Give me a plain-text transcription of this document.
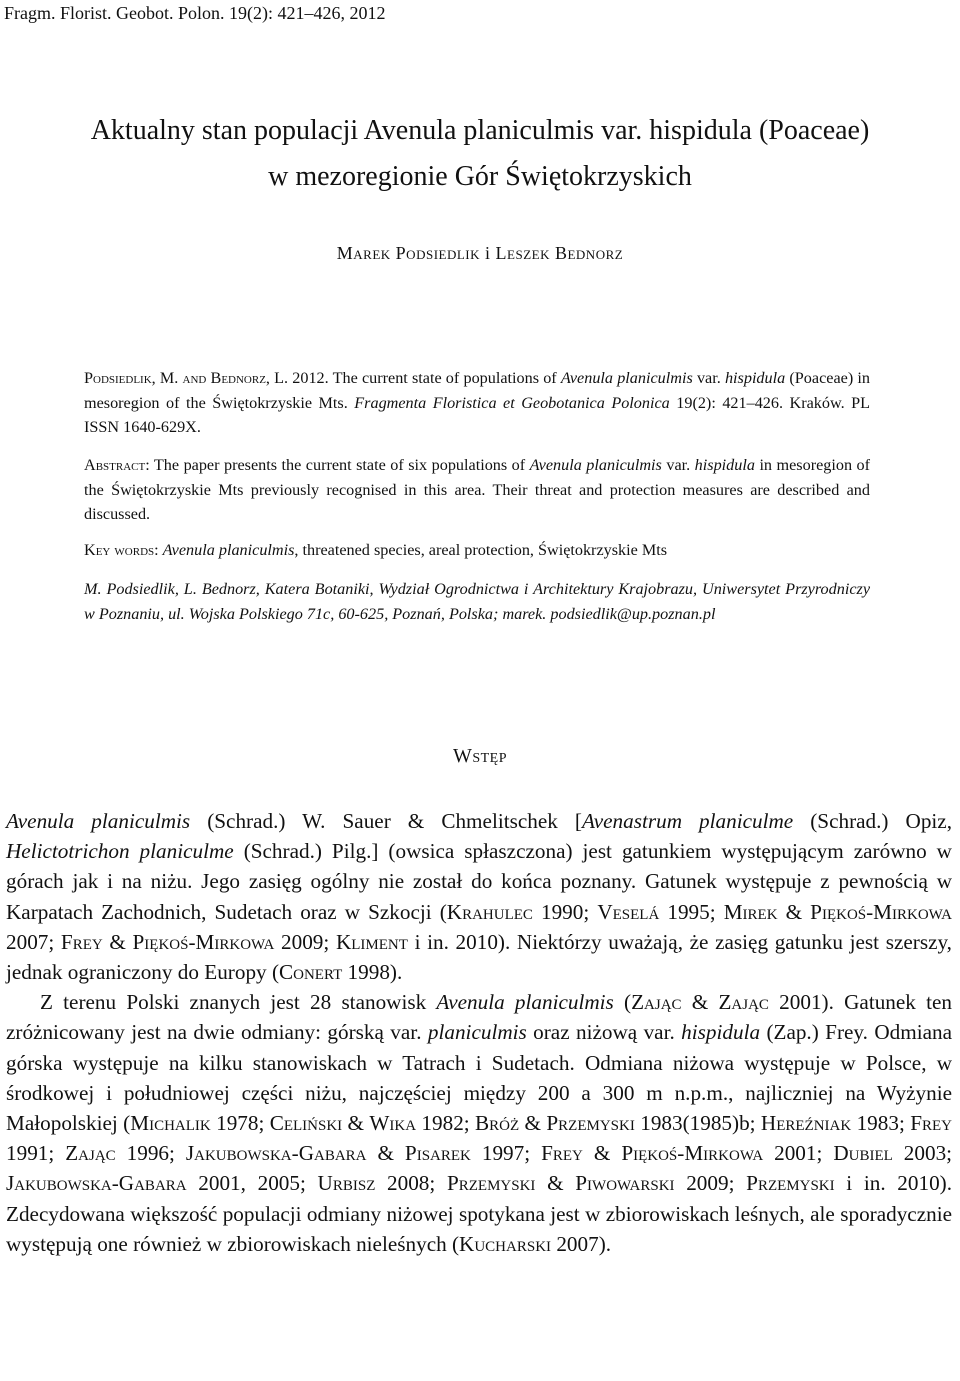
Fragm. Florist. Geobot. Polon. 19(2): 421–426, 2012
Aktualny stan populacji Avenula planiculmis var. hispidula (Poaceae)
w mezoregionie Gór Świętokrzyskich
Marek Podsiedlik i Leszek Bednorz

Podsiedlik, M. and Bednorz, L. 2012. The current state of populations of Avenula planiculmis var. hispidula (Poaceae) in mesoregion of the Świętokrzyskie Mts. Fragmenta Floristica et Geobotanica Polonica 19(2): 421–426. Kraków. PL ISSN 1640-629X.

Abstract: The paper presents the current state of six populations of Avenula planiculmis var. hispidula in mesoregion of the Świętokrzyskie Mts previously recognised in this area. Their threat and protection measures are described and discussed.

Key words: Avenula planiculmis, threatened species, areal protection, Świętokrzyskie Mts

M. Podsiedlik, L. Bednorz, Katera Botaniki, Wydział Ogrodnictwa i Architektury Krajobrazu, Uniwersytet Przyrodniczy w Poznaniu, ul. Wojska Polskiego 71c, 60-625, Poznań, Polska; marek. podsiedlik@up.poznan.pl

Wstęp

Avenula planiculmis (Schrad.) W. Sauer & Chmelitschek [Avenastrum planiculme (Schrad.) Opiz, Helictotrichon planiculme (Schrad.) Pilg.] (owsica spłaszczona) jest gatunkiem występującym zarówno w górach jak i na niżu. Jego zasięg ogólny nie został do końca poznany. Gatunek występuje z pewnością w Karpatach Zachodnich, Sudetach oraz w Szkocji (Krahulec 1990; Veselá 1995; Mirek & Piękoś-Mirkowa 2007; Frey & Piękoś-Mirkowa 2009; Kliment i in. 2010). Niektórzy uważają, że zasięg gatunku jest szerszy, jednak ograniczony do Europy (Conert 1998).

Z terenu Polski znanych jest 28 stanowisk Avenula planiculmis (Zając & Zając 2001). Gatunek ten zróżnicowany jest na dwie odmiany: górską var. planiculmis oraz niżową var. hispidula (Zap.) Frey. Odmiana górska występuje na kilku stanowiskach w Tatrach i Sudetach. Odmiana niżowa występuje w Polsce, w środkowej i południowej części niżu, najczęściej między 200 a 300 m n.p.m., najliczniej na Wyżynie Małopolskiej (Michalik 1978; Celiński & Wika 1982; Bróż & Przemyski 1983(1985)b; Hereźniak 1983; Frey 1991; Zając 1996; Jakubowska-Gabara & Pisarek 1997; Frey & Piękoś-Mirkowa 2001; Dubiel 2003; Jakubowska-Gabara 2001, 2005; Urbisz 2008; Przemyski & Piwowarski 2009; Przemyski i in. 2010). Zdecydowana większość populacji odmiany niżowej spotykana jest w zbiorowiskach leśnych, ale sporadycznie występują one również w zbiorowiskach nieleśnych (Kucharski 2007).
